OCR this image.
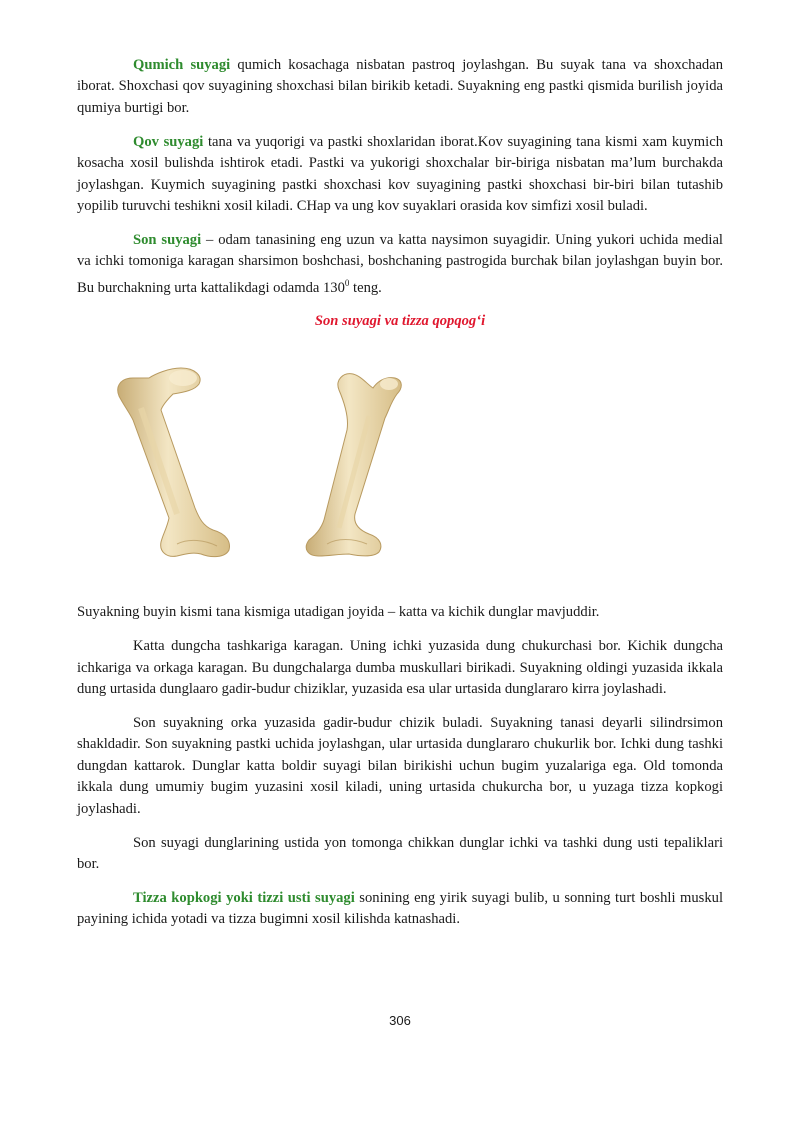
Qumich suyagi qumich kosachaga nisbatan pastroq joylashgan. Bu suyak tana va shoxchadan iborat. Shoxchasi qov suyagining shoxchasi bilan birikib ketadi. Suyakning eng pastki qismida burilish joyida qumiya burtigi bor.

Qov suyagi tana va yuqorigi va pastki shoxlaridan iborat.Kov suyagining tana kismi xam kuymich kosacha xosil bulishda ishtirok etadi. Pastki va yukorigi shoxchalar bir-biriga nisbatan ma’lum burchakda joylashgan. Kuymich suyagining pastki shoxchasi kov suyagining pastki shoxchasi bir-biri bilan tutashib yopilib turuvchi teshikni xosil kiladi. CHap va ung kov suyaklari orasida kov simfizi xosil buladi.

Son suyagi – odam tanasining eng uzun va katta naysimon suyagidir. Uning yukori uchida medial va ichki tomoniga karagan sharsimon boshchasi, boshchaning pastrogida burchak bilan joylashgan buyin bor. Bu burchakning urta kattalikdagi odamda $130^0$ teng.

Son suyagi va tizza qopqog‘i

Suyakning buyin kismi tana kismiga utadigan joyida – katta va kichik dunglar mavjuddir.

Katta dungcha tashkariga karagan. Uning ichki yuzasida dung chukurchasi bor. Kichik dungcha ichkariga va orkaga karagan. Bu dungchalarga dumba muskullari birikadi. Suyakning oldingi yuzasida ikkala dung urtasida dunglaaro gadir-budur chiziklar, yuzasida esa ular urtasida dunglararo kirra joylashadi.

Son suyakning orka yuzasida gadir-budur chizik buladi. Suyakning tanasi deyarli silindrsimon shakldadir. Son suyakning pastki uchida joylashgan, ular urtasida dunglararo chukurlik bor. Ichki dung tashki dungdan kattarok. Dunglar katta boldir suyagi bilan birikishi uchun bugim yuzalariga ega. Old tomonda ikkala dung umumiy bugim yuzasini xosil kiladi, uning urtasida chukurcha bor, u yuzaga tizza kopkogi joylashadi.

Son suyagi dunglarining ustida yon tomonga chikkan dunglar ichki va tashki dung usti tepaliklari bor.

Tizza kopkogi yoki tizzi usti suyagi sonining eng yirik suyagi bulib, u sonning turt boshli muskul payining ichida yotadi va tizza bugimni xosil kilishda katnashadi.

306
